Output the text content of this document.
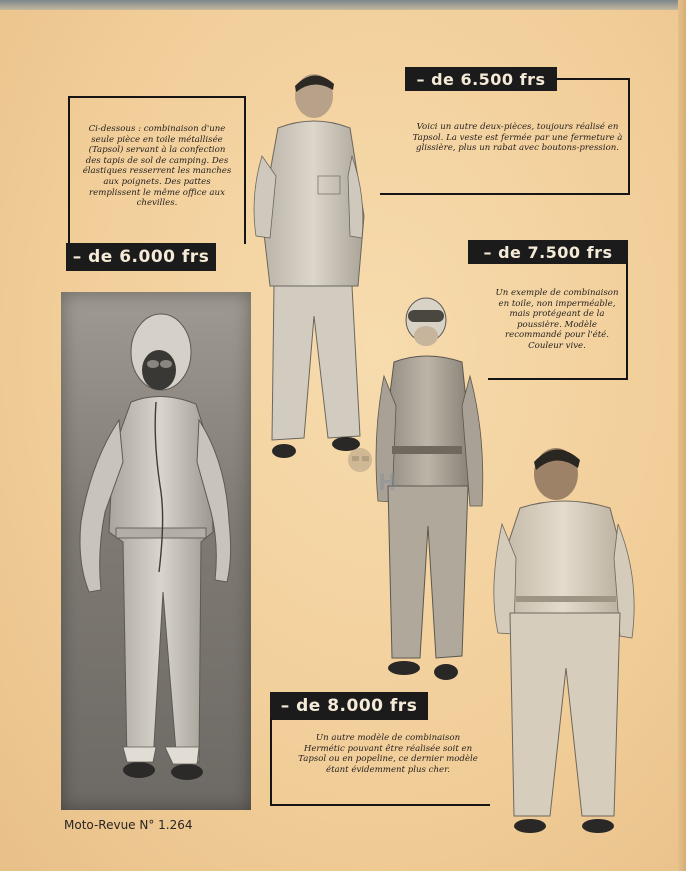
Ci-dessous : combinaison d'une seule pièce en toile métallisée (Tapsol) servant à la confection des tapis de sol de camping. Des élastiques resserrent les manches aux poignets. Des pattes remplissent le même office aux chevilles.

– de 6.000 frs
– de 6.500 frs

Voici un autre deux-pièces, toujours réalisé en Tapsol. La veste est fermée par une fermeture à glissière, plus un rabat avec boutons-pression.

– de 7.500 frs

Un exemple de combinaison en toile, non imperméable, mais protégeant de la poussière. Modèle recommandé pour l'été. Couleur vive.

– de 8.000 frs

Un autre modèle de combinaison Hermétic pouvant être réalisée soit en Tapsol ou en popeline, ce dernier modèle étant évidemment plus cher.

H
Moto-Revue N° 1.264
